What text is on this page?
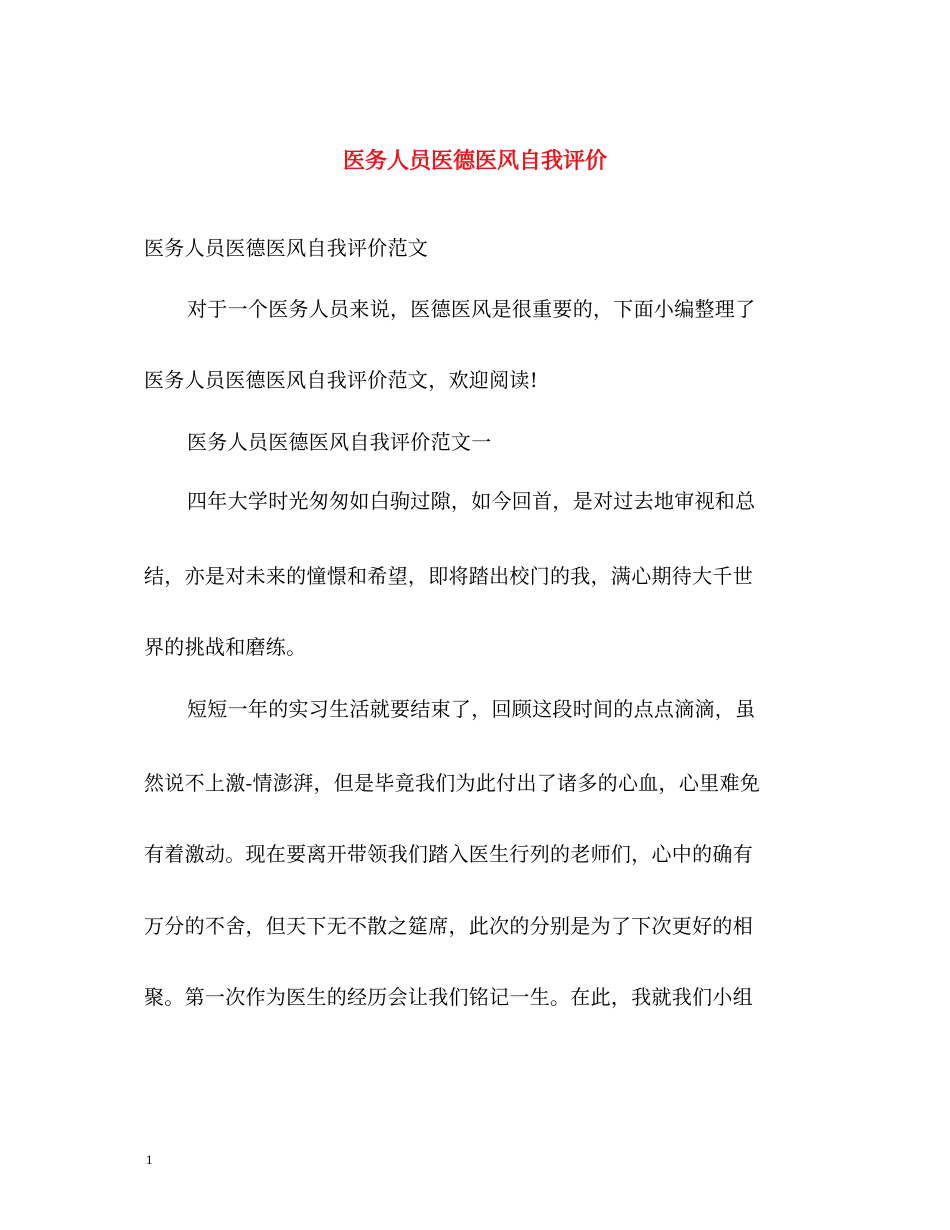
医务人员医德医风自我评价
医务人员医德医风自我评价范文
对于一个医务人员来说，医德医风是很重要的，下面小编整理了
医务人员医德医风自我评价范文，欢迎阅读!
医务人员医德医风自我评价范文一
四年大学时光匆匆如白驹过隙，如今回首，是对过去地审视和总
结，亦是对未来的憧憬和希望，即将踏出校门的我，满心期待大千世
界的挑战和磨练。
短短一年的实习生活就要结束了，回顾这段时间的点点滴滴，虽
然说不上激-情澎湃，但是毕竟我们为此付出了诸多的心血，心里难免
有着激动。现在要离开带领我们踏入医生行列的老师们，心中的确有
万分的不舍，但天下无不散之筵席，此次的分别是为了下次更好的相
聚。第一次作为医生的经历会让我们铭记一生。在此，我就我们小组
1
